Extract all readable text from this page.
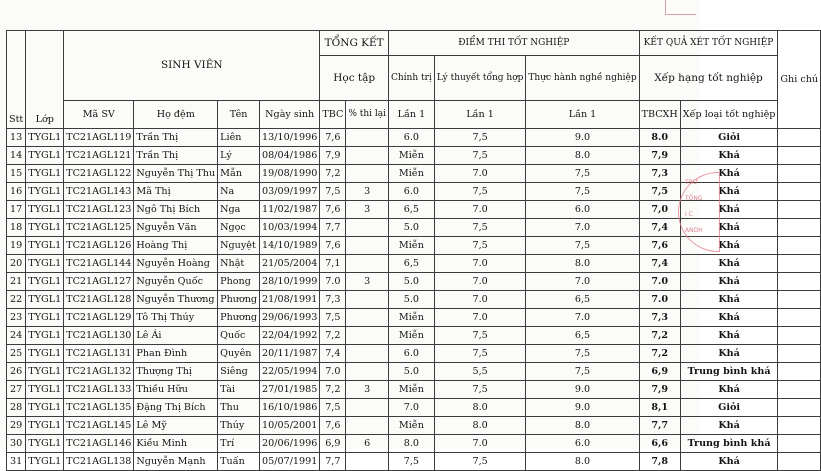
Stt	Lớp	SINH VIÊN				TỔNG KẾT		ĐIỂM THI TỐT NGHIỆP			KẾT QUẢ XÉT TỐT NGHIỆP		Ghi chú
						Học tập		Chính trị	Lý thuyết tổng hợp	Thực hành nghề nghiệp	Xếp hạng tốt nghiệp		
		Mã SV	Họ đệm	Tên	Ngày sinh	TBC	% thi lại	Lần 1	Lần 1	Lần 1	TBCXH	Xếp loại tốt nghiệp	
13	TYGL1	TC21AGL119	Trần Thị	Liên	13/10/1996	7,6		6.0	7,5	9.0	8.0	Giỏi	
14	TYGL1	TC21AGL121	Trần Thị	Lý	08/04/1986	7,9		Miễn	7,5	8.0	7,9	Khá	
15	TYGL1	TC21AGL122	Nguyễn Thị Thu	Mẫn	19/08/1990	7,2		Miễn	7.0	7,5	7,3	Khá	
16	TYGL1	TC21AGL143	Mã Thị	Na	03/09/1997	7,5	3	6.0	7,5	7,5	7,5	Khá	
17	TYGL1	TC21AGL123	Ngô Thị Bích	Nga	11/02/1987	7,6	3	6,5	7.0	6.0	7,0	Khá	
18	TYGL1	TC21AGL125	Nguyễn Văn	Ngọc	10/03/1994	7,7		5.0	7,5	7.0	7,4	Khá	
19	TYGL1	TC21AGL126	Hoàng Thị	Nguyệt	14/10/1989	7,6		Miễn	7,5	7,5	7,6	Khá	
20	TYGL1	TC21AGL144	Nguyễn Hoàng	Nhật	21/05/2004	7,1		6,5	7.0	8.0	7,4	Khá	
21	TYGL1	TC21AGL127	Nguyễn Quốc	Phong	28/10/1999	7.0	3	5.0	7.0	7.0	7.0	Khá	
22	TYGL1	TC21AGL128	Nguyễn Thương	Phương	21/08/1991	7,3		5.0	7.0	6,5	7.0	Khá	
23	TYGL1	TC21AGL129	Tô Thị Thúy	Phương	29/06/1993	7,5		Miễn	7.0	7.0	7,3	Khá	
24	TYGL1	TC21AGL130	Lê Ái	Quốc	22/04/1992	7,2		Miễn	7,5	6,5	7,2	Khá	
25	TYGL1	TC21AGL131	Phan Đình	Quyên	20/11/1987	7,4		6.0	7,5	7,5	7,2	Khá	
26	TYGL1	TC21AGL132	Thượng Thị	Siêng	22/05/1994	7.0		5.0	5,5	7,5	6,9	Trung bình khá	
27	TYGL1	TC21AGL133	Thiều Hữu	Tài	27/01/1985	7,2	3	Miễn	7,5	9.0	7,9	Khá	
28	TYGL1	TC21AGL135	Đặng Thị Bích	Thu	16/10/1986	7,5		7.0	8.0	9.0	8,1	Giỏi	
29	TYGL1	TC21AGL145	Lê Mỹ	Thúy	10/05/2001	7,6		Miễn	8.0	8.0	7,7	Khá	
30	TYGL1	TC21AGL146	Kiều Minh	Trí	20/06/1996	6,9	6	8.0	7.0	6.0	6,6	Trung bình khá	
31	TYGL1	TC21AGL138	Nguyễn Mạnh	Tuấn	05/07/1991	7,7		7,5	7,5	8.0	7,8	Khá	
TRƯ
TỐNG
I C
ANDH
